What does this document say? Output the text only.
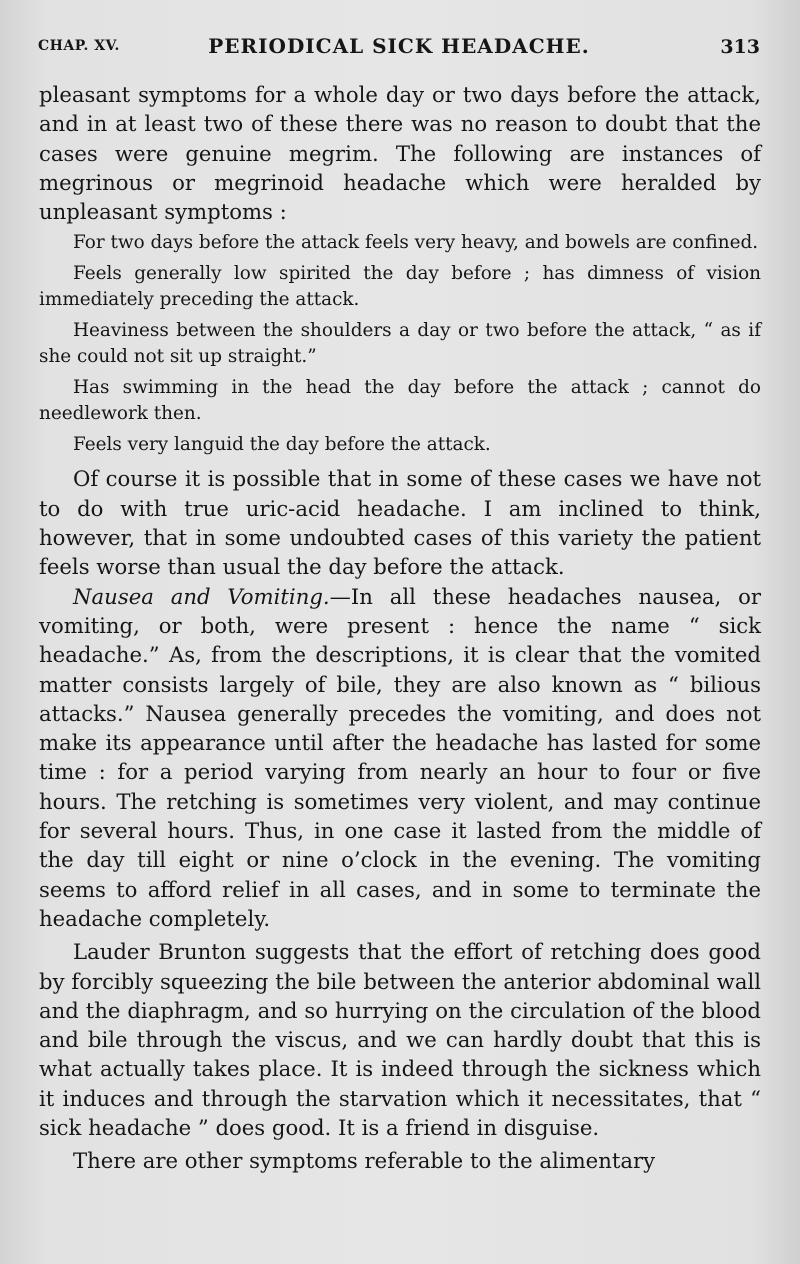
CHAP. XV.	PERIODICAL SICK HEADACHE.	313

pleasant symptoms for a whole day or two days before the attack, and in at least two of these there was no reason to doubt that the cases were genuine megrim. The following are instances of megrinous or megrinoid headache which were heralded by unpleasant symptoms :

For two days before the attack feels very heavy, and bowels are confined.

Feels generally low spirited the day before ; has dimness of vision immediately preceding the attack.

Heaviness between the shoulders a day or two before the attack, “ as if she could not sit up straight.”

Has swimming in the head the day before the attack ; cannot do needlework then.

Feels very languid the day before the attack.

Of course it is possible that in some of these cases we have not to do with true uric-acid headache. I am inclined to think, however, that in some undoubted cases of this variety the patient feels worse than usual the day before the attack.

Nausea and Vomiting.—In all these headaches nausea, or vomiting, or both, were present : hence the name “ sick headache.” As, from the descriptions, it is clear that the vomited matter consists largely of bile, they are also known as “ bilious attacks.” Nausea generally precedes the vomiting, and does not make its appearance until after the headache has lasted for some time : for a period varying from nearly an hour to four or five hours. The retching is sometimes very violent, and may continue for several hours. Thus, in one case it lasted from the middle of the day till eight or nine o’clock in the evening. The vomiting seems to afford relief in all cases, and in some to terminate the headache completely.

Lauder Brunton suggests that the effort of retching does good by forcibly squeezing the bile between the anterior abdominal wall and the diaphragm, and so hurrying on the circulation of the blood and bile through the viscus, and we can hardly doubt that this is what actually takes place. It is indeed through the sickness which it induces and through the starvation which it necessitates, that “ sick headache ” does good. It is a friend in disguise.

There are other symptoms referable to the alimentary
